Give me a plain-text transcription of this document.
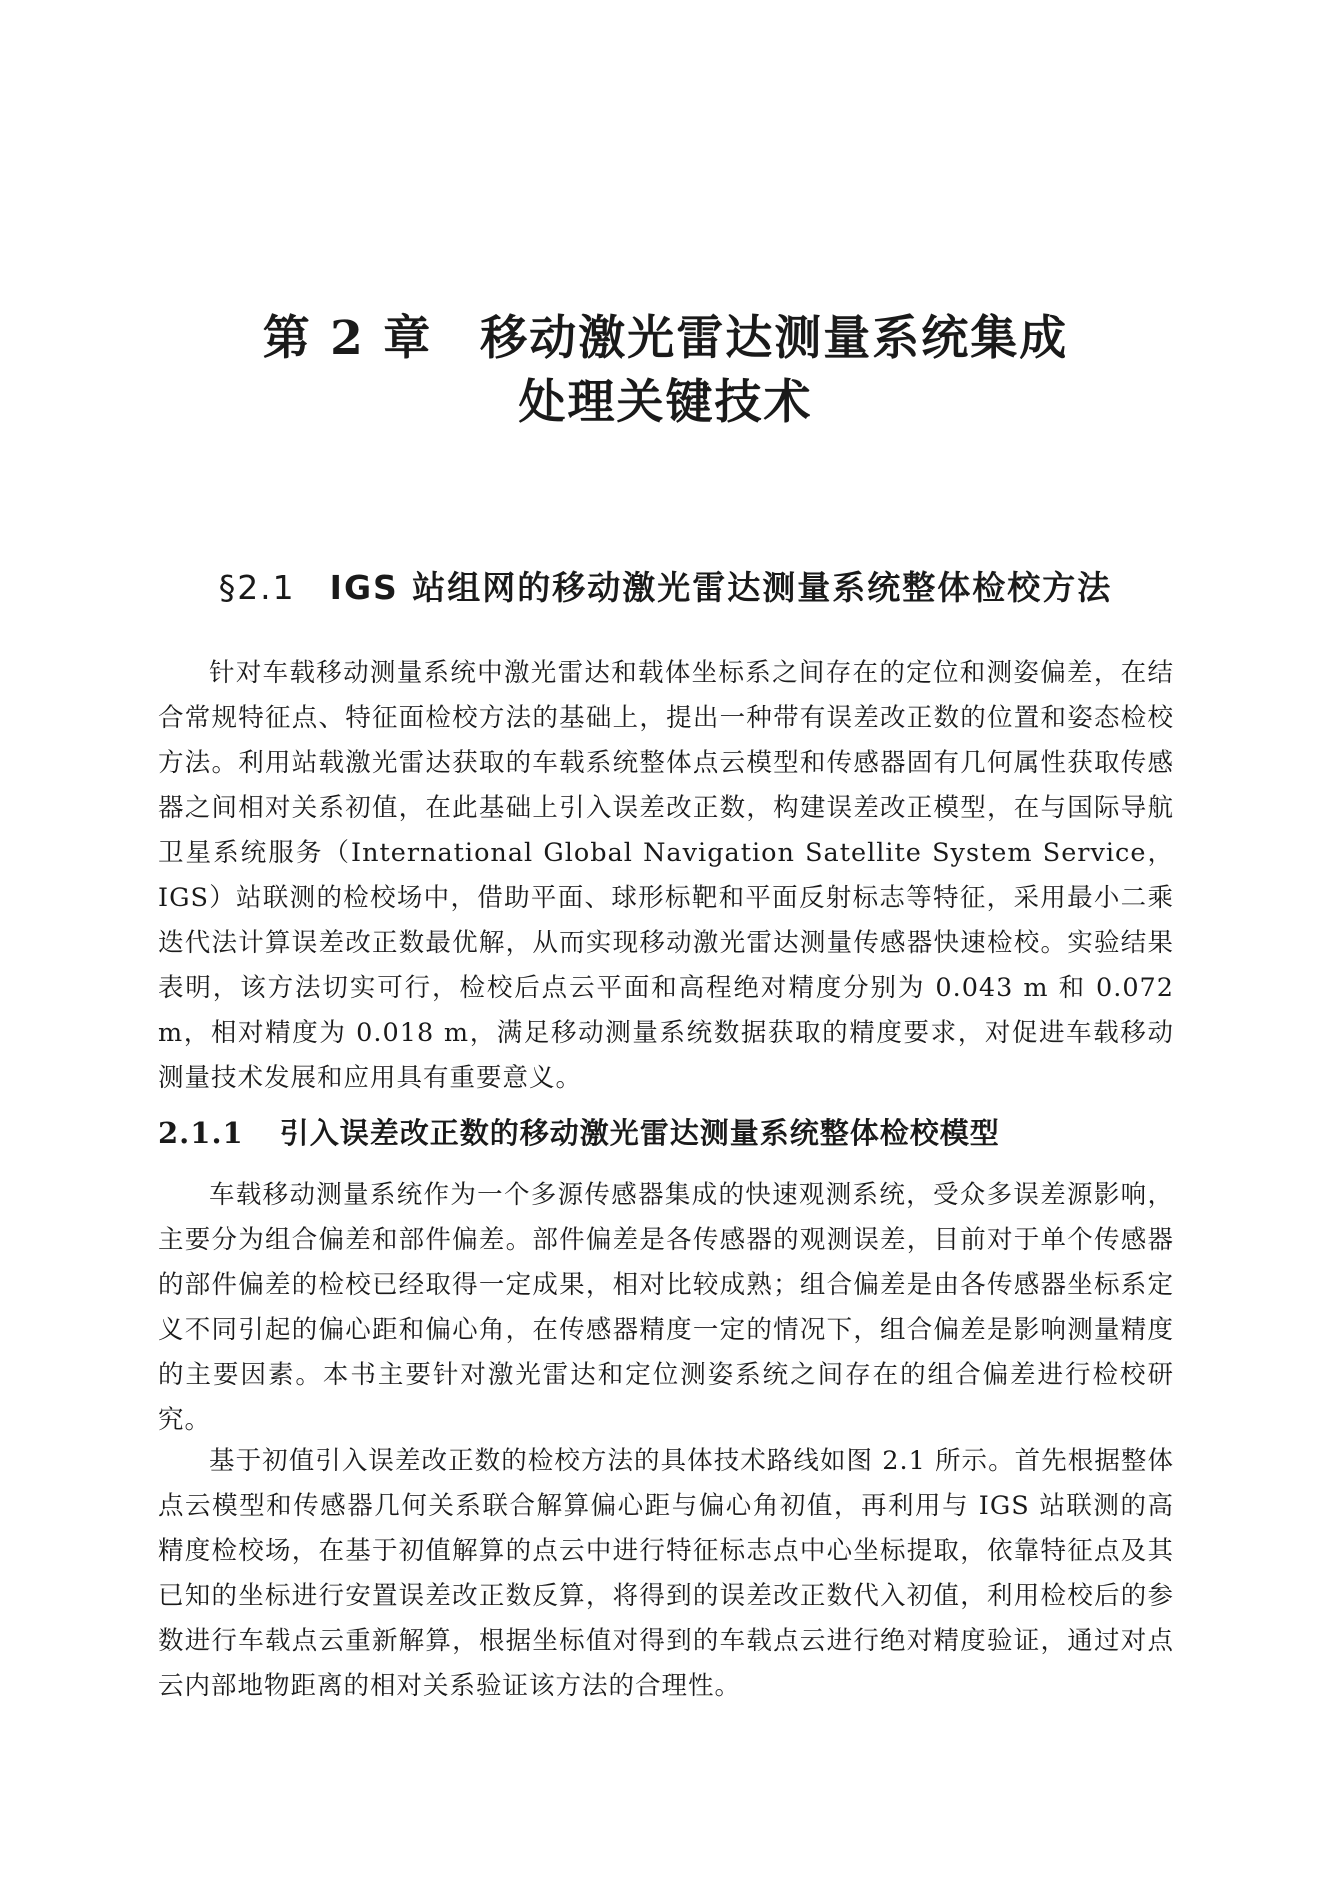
第 2 章 移动激光雷达测量系统集成
处理关键技术
§2.1 IGS 站组网的移动激光雷达测量系统整体检校方法

针对车载移动测量系统中激光雷达和载体坐标系之间存在的定位和测姿偏差，在结合常规特征点、特征面检校方法的基础上，提出一种带有误差改正数的位置和姿态检校方法。利用站载激光雷达获取的车载系统整体点云模型和传感器固有几何属性获取传感器之间相对关系初值，在此基础上引入误差改正数，构建误差改正模型，在与国际导航卫星系统服务（International Global Navigation Satellite System Service，IGS）站联测的检校场中，借助平面、球形标靶和平面反射标志等特征，采用最小二乘迭代法计算误差改正数最优解，从而实现移动激光雷达测量传感器快速检校。实验结果表明，该方法切实可行，检校后点云平面和高程绝对精度分别为 0.043 m 和 0.072 m，相对精度为 0.018 m，满足移动测量系统数据获取的精度要求，对促进车载移动测量技术发展和应用具有重要意义。

2.1.1 引入误差改正数的移动激光雷达测量系统整体检校模型

车载移动测量系统作为一个多源传感器集成的快速观测系统，受众多误差源影响，主要分为组合偏差和部件偏差。部件偏差是各传感器的观测误差，目前对于单个传感器的部件偏差的检校已经取得一定成果，相对比较成熟；组合偏差是由各传感器坐标系定义不同引起的偏心距和偏心角，在传感器精度一定的情况下，组合偏差是影响测量精度的主要因素。本书主要针对激光雷达和定位测姿系统之间存在的组合偏差进行检校研究。

基于初值引入误差改正数的检校方法的具体技术路线如图 2.1 所示。首先根据整体点云模型和传感器几何关系联合解算偏心距与偏心角初值，再利用与 IGS 站联测的高精度检校场，在基于初值解算的点云中进行特征标志点中心坐标提取，依靠特征点及其已知的坐标进行安置误差改正数反算，将得到的误差改正数代入初值，利用检校后的参数进行车载点云重新解算，根据坐标值对得到的车载点云进行绝对精度验证，通过对点云内部地物距离的相对关系验证该方法的合理性。
